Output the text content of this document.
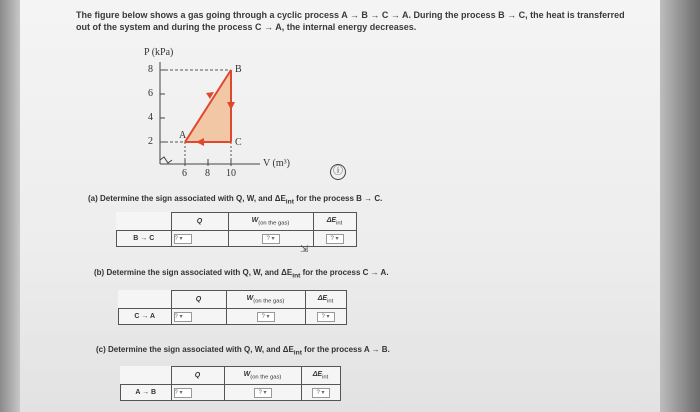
The figure below shows a gas going through a cyclic process A → B → C → A. During the process B → C, the heat is transferred out of the system and during the process C → A, the internal energy decreases.
P (kPa)
8
6
4
2
6 8 10
V (m³)
A
B
C
ⓘ
(a) Determine the sign associated with Q, W, and $\Delta E_{int}$ for the process B → C.
	Q	$W_{(on the gas)}$	$\Delta E_{int}$
B → C	? ▾	? ▾	? ▾
⇲
(b) Determine the sign associated with Q, W, and $\Delta E_{int}$ for the process C → A.
	Q	$W_{(on the gas)}$	$\Delta E_{int}$
C → A	? ▾	? ▾	? ▾
(c) Determine the sign associated with Q, W, and $\Delta E_{int}$ for the process A → B.
	Q	$W_{(on the gas)}$	$\Delta E_{int}$
A → B	? ▾	? ▾	? ▾
